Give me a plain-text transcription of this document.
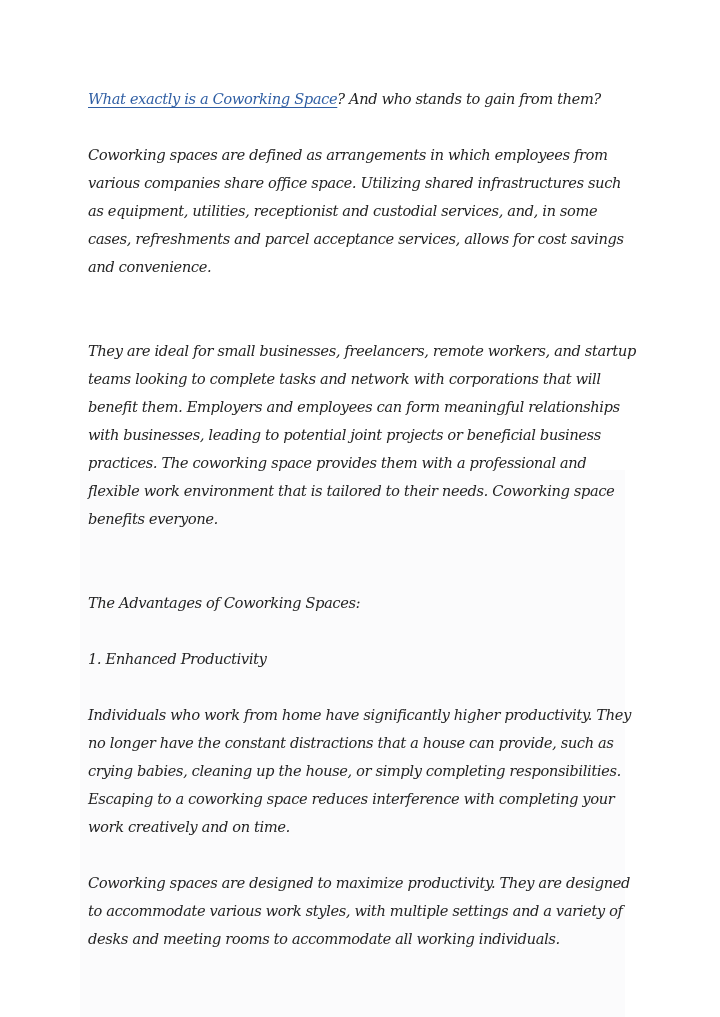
What exactly is a Coworking Space? And who stands to gain from them?

Coworking spaces are defined as arrangements in which employees from various companies share office space. Utilizing shared infrastructures such as equipment, utilities, receptionist and custodial services, and, in some cases, refreshments and parcel acceptance services, allows for cost savings and convenience.

They are ideal for small businesses, freelancers, remote workers, and startup teams looking to complete tasks and network with corporations that will benefit them. Employers and employees can form meaningful relationships with businesses, leading to potential joint projects or beneficial business practices. The coworking space provides them with a professional and flexible work environment that is tailored to their needs. Coworking space benefits everyone.

The Advantages of Coworking Spaces:

1. Enhanced Productivity

Individuals who work from home have significantly higher productivity. They no longer have the constant distractions that a house can provide, such as crying babies, cleaning up the house, or simply completing responsibilities. Escaping to a coworking space reduces interference with completing your work creatively and on time.

Coworking spaces are designed to maximize productivity. They are designed to accommodate various work styles, with multiple settings and a variety of desks and meeting rooms to accommodate all working individuals.
